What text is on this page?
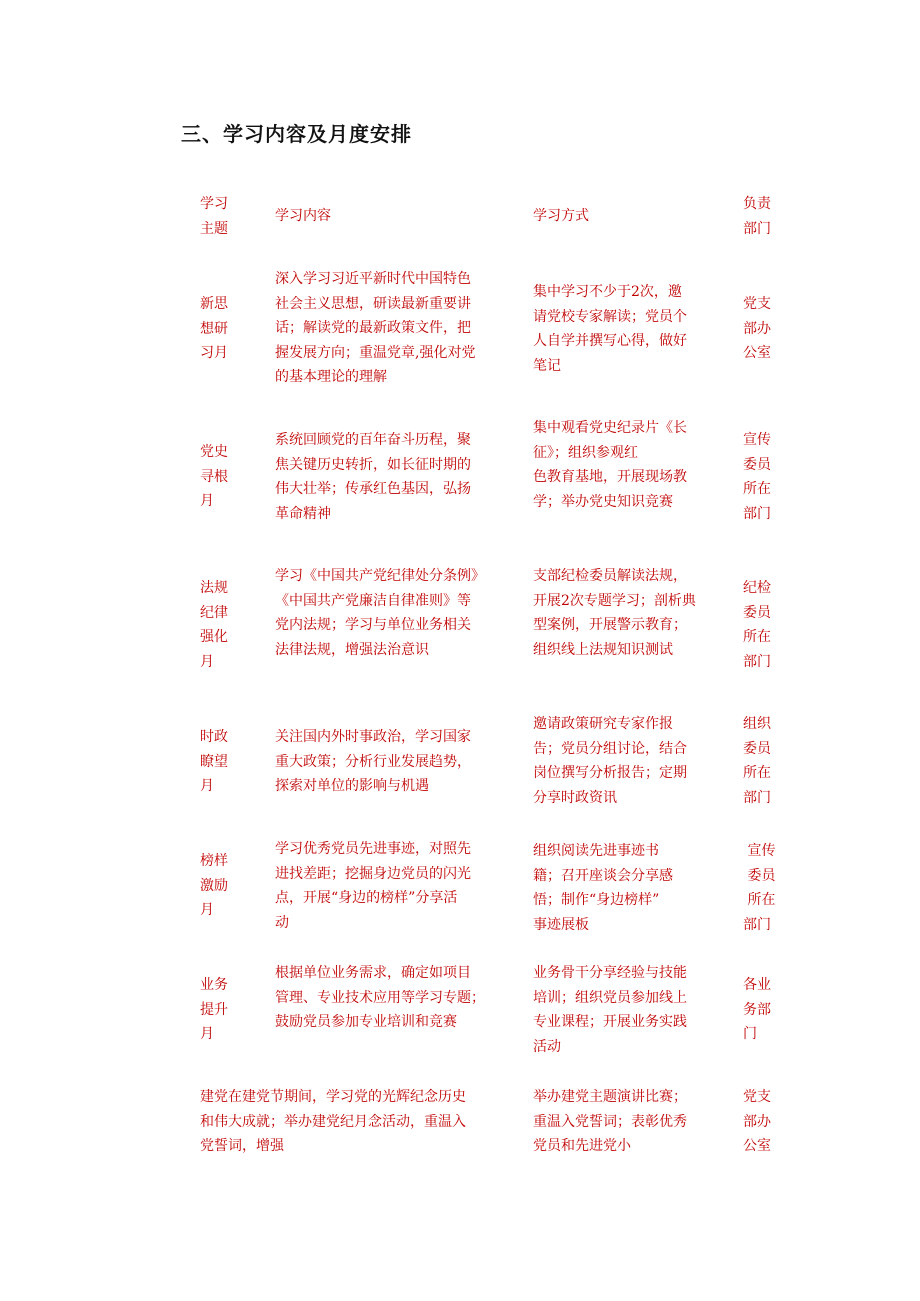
三、学习内容及月度安排
学习
主题
学习内容	学习方式
负责
部门
新思
想研
习月
深入学习习近平新时代中国特色
社会主义思想，研读最新重要讲
话；解读党的最新政策文件，把
握发展方向；重温党章,强化对党
的基本理论的理解
集中学习不少于2次，邀
请党校专家解读；党员个
人自学并撰写心得，做好
笔记
党支
部办
公室
党史
寻根
月
系统回顾党的百年奋斗历程，聚
焦关键历史转折，如长征时期的
伟大壮举；传承红色基因，弘扬
革命精神
集中观看党史纪录片《长
征》；组织参观红
色教育基地，开展现场教
学；举办党史知识竞赛
宣传
委员
所在
部门
法规
纪律
强化
月
学习《中国共产党纪律处分条例》
《中国共产党廉洁自律准则》等
党内法规；学习与单位业务相关
法律法规，增强法治意识
支部纪检委员解读法规，
开展2次专题学习；剖析典
型案例，开展警示教育；
组织线上法规知识测试
纪检
委员
所在
部门
时政
瞭望
月
关注国内外时事政治，学习国家
重大政策；分析行业发展趋势，
探索对单位的影响与机遇
邀请政策研究专家作报
告；党员分组讨论，结合
岗位撰写分析报告；定期
分享时政资讯
组织
委员
所在
部门
榜样
激励
月
学习优秀党员先进事迹，对照先
进找差距；挖掘身边党员的闪光
点，开展“身边的榜样”分享活
动
组织阅读先进事迹书
籍；召开座谈会分享感
悟；制作“身边榜样”
事迹展板
宣传
委员
所在
部门
业务
提升
月
根据单位业务需求，确定如项目
管理、专业技术应用等学习专题；
鼓励党员参加专业培训和竞赛
业务骨干分享经验与技能
培训；组织党员参加线上
专业课程；开展业务实践
活动
各业
务部
门
建党在建党节期间，学习党的光辉纪念历史
和伟大成就；举办建党纪月念活动，重温入
党誓词，增强
举办建党主题演讲比赛；
重温入党誓词；表彰优秀
党员和先进党小
党支
部办
公室
